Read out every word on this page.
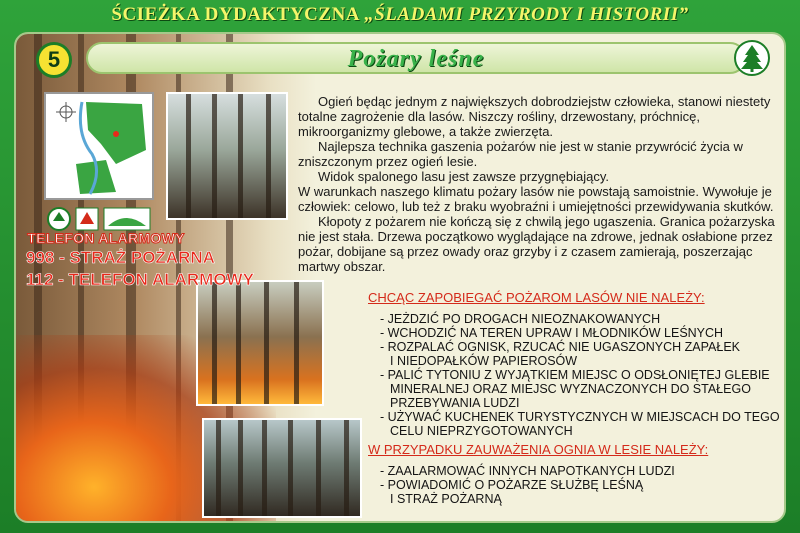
ŚCIEŻKA DYDAKTYCZNA „ŚLADAMI PRZYRODY I HISTORII”
5	Pożary leśne
TELEFON ALARMOWY
998 - STRAŻ POŻARNA
112 - TELEFON ALARMOWY
Ogień będąc jednym z największych dobrodziejstw człowieka, stanowi niestety totalne zagrożenie dla lasów. Niszczy rośliny, drzewostany, próchnicę, mikroorganizmy glebowe, a także zwierzęta.
Najlepsza technika gaszenia pożarów nie jest w stanie przywrócić życia w zniszczonym przez ogień lesie.
Widok spalonego lasu jest zawsze przygnębiający.
W warunkach naszego klimatu pożary lasów nie powstają samoistnie. Wywołuje je człowiek: celowo, lub też z braku wyobraźni i umiejętności przewidywania skutków.
Kłopoty z pożarem nie kończą się z chwilą jego ugaszenia. Granica pożarzyska nie jest stała. Drzewa początkowo wyglądające na zdrowe, jednak osłabione przez pożar, dobijane są przez owady oraz grzyby i z czasem zamierają, poszerzając martwy obszar.
CHCĄC ZAPOBIEGAĆ POŻAROM LASÓW NIE NALEŻY:
- JEŻDZIĆ PO DROGACH NIEOZNAKOWANYCH
- WCHODZIĆ NA TEREN UPRAW I MŁODNIKÓW LEŚNYCH
- ROZPALAĆ OGNISK, RZUCAĆ NIE UGASZONYCH ZAPAŁEK
I NIEDOPAŁKÓW PAPIEROSÓW
- PALIĆ TYTONIU Z WYJĄTKIEM MIEJSC O ODSŁONIĘTEJ GLEBIE
MINERALNEJ ORAZ MIEJSC WYZNACZONYCH DO STAŁEGO
PRZEBYWANIA LUDZI
- UŻYWAĆ KUCHENEK TURYSTYCZNYCH W MIEJSCACH DO TEGO
CELU NIEPRZYGOTOWANYCH
W PRZYPADKU ZAUWAŻENIA OGNIA W LESIE NALEŻY:
- ZAALARMOWAĆ INNYCH NAPOTKANYCH LUDZI
- POWIADOMIĆ O POŻARZE SŁUŻBĘ LEŚNĄ
I STRAŻ POŻARNĄ
